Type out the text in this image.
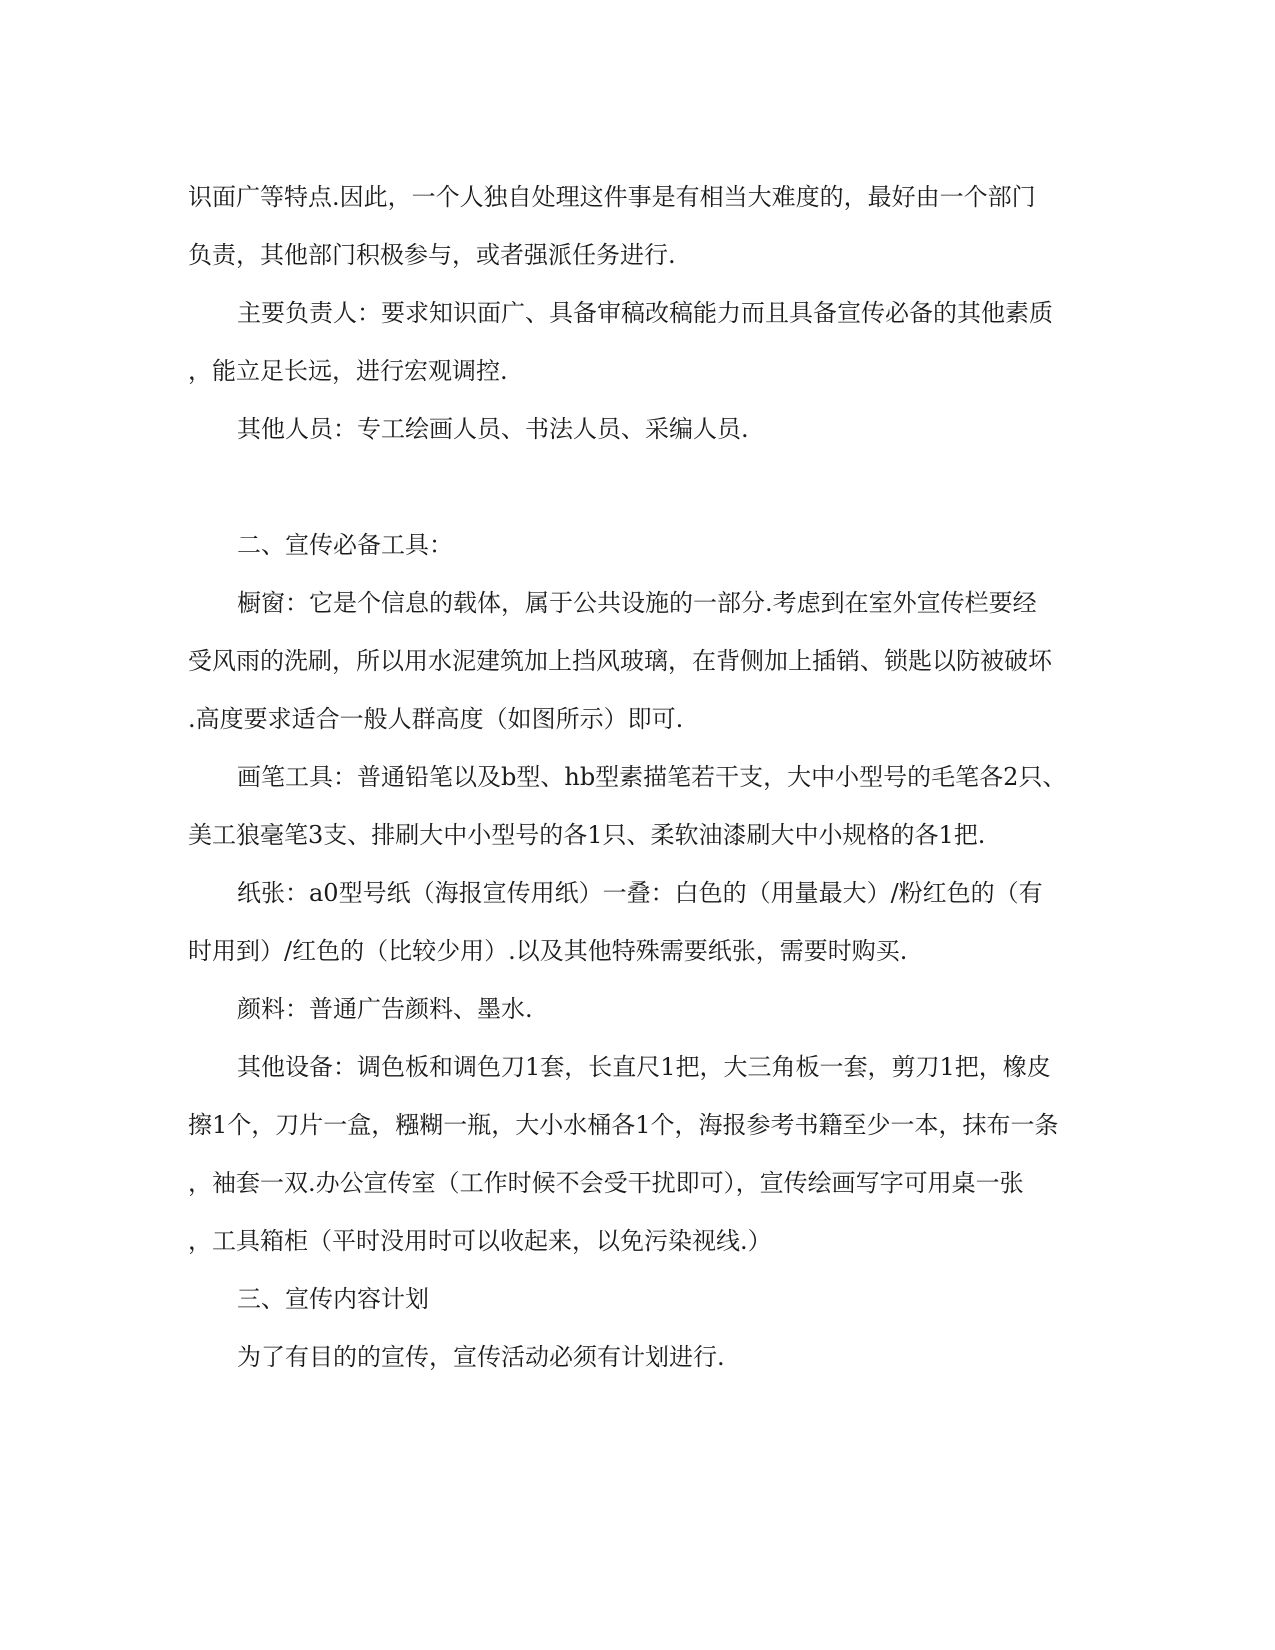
识面广等特点.因此，一个人独自处理这件事是有相当大难度的，最好由一个部门
负责，其他部门积极参与，或者强派任务进行.
主要负责人：要求知识面广、具备审稿改稿能力而且具备宣传必备的其他素质
，能立足长远，进行宏观调控.
其他人员：专工绘画人员、书法人员、采编人员.
二、宣传必备工具：
橱窗：它是个信息的载体，属于公共设施的一部分.考虑到在室外宣传栏要经
受风雨的洗刷，所以用水泥建筑加上挡风玻璃，在背侧加上插销、锁匙以防被破坏
.高度要求适合一般人群高度（如图所示）即可.
画笔工具：普通铅笔以及b型、hb型素描笔若干支，大中小型号的毛笔各2只、
美工狼毫笔3支、排刷大中小型号的各1只、柔软油漆刷大中小规格的各1把.
纸张：a0型号纸（海报宣传用纸）一叠：白色的（用量最大）/粉红色的（有
时用到）/红色的（比较少用）.以及其他特殊需要纸张，需要时购买.
颜料：普通广告颜料、墨水.
其他设备：调色板和调色刀1套，长直尺1把，大三角板一套，剪刀1把，橡皮
擦1个，刀片一盒，糨糊一瓶，大小水桶各1个，海报参考书籍至少一本，抹布一条
，袖套一双.办公宣传室（工作时候不会受干扰即可），宣传绘画写字可用桌一张
，工具箱柜（平时没用时可以收起来，以免污染视线.）
三、宣传内容计划
为了有目的的宣传，宣传活动必须有计划进行.
